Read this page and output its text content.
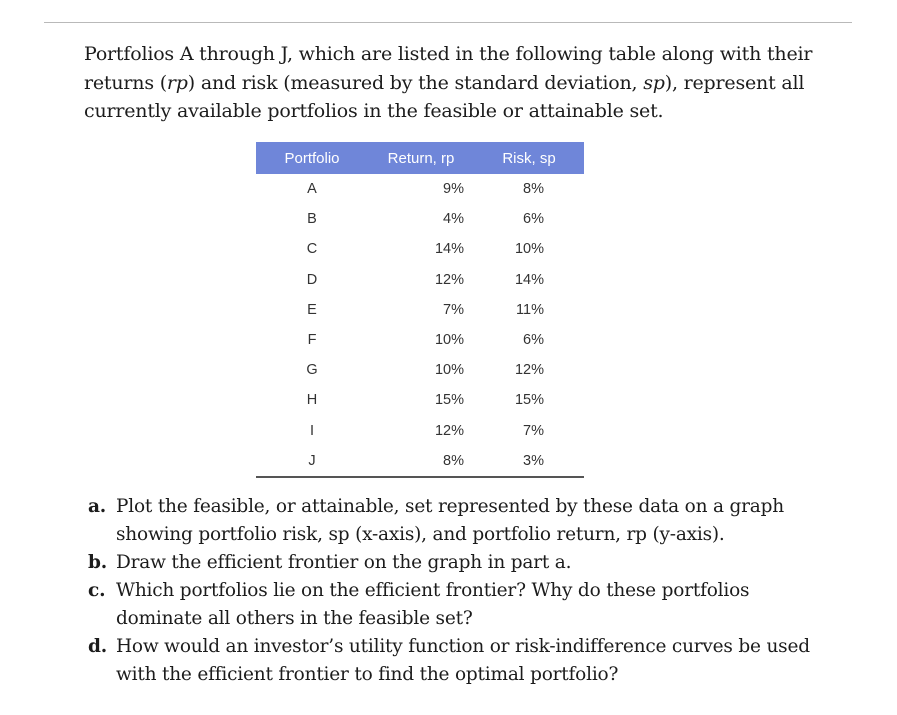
Portfolios A through J, which are listed in the following table along with their returns (rp) and risk (measured by the standard deviation, sp), represent all currently available portfolios in the feasible or attainable set.

Portfolio	Return, rp	Risk, sp
A	9%	8%
B	4%	6%
C	14%	10%
D	12%	14%
E	7%	11%
F	10%	6%
G	10%	12%
H	15%	15%
I	12%	7%
J	8%	3%
a. Plot the feasible, or attainable, set represented by these data on a graph showing portfolio risk, sp (x-axis), and portfolio return, rp (y-axis).
b. Draw the efficient frontier on the graph in part a.
c. Which portfolios lie on the efficient frontier? Why do these portfolios dominate all others in the feasible set?
d. How would an investor’s utility function or risk-indifference curves be used with the efficient frontier to find the optimal portfolio?
